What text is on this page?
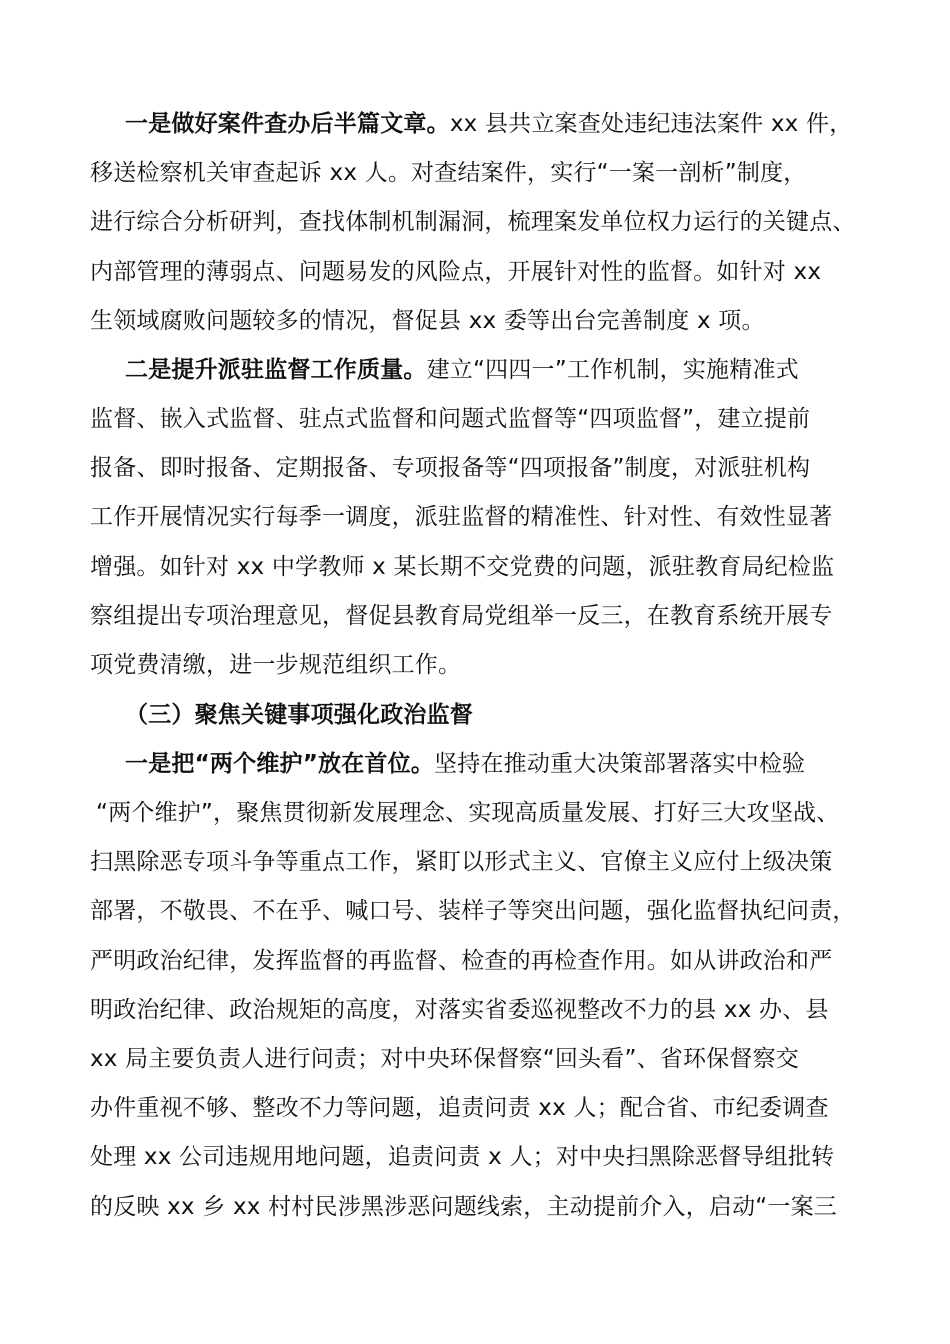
一是做好案件查办后半篇文章。xx 县共立案查处违纪违法案件 xx 件，
移送检察机关审查起诉 xx 人。对查结案件，实行“一案一剖析”制度，
进行综合分析研判，查找体制机制漏洞，梳理案发单位权力运行的关键点、
内部管理的薄弱点、问题易发的风险点，开展针对性的监督。如针对 xx
生领域腐败问题较多的情况，督促县 xx 委等出台完善制度 x 项。
二是提升派驻监督工作质量。建立“四四一”工作机制，实施精准式
监督、嵌入式监督、驻点式监督和问题式监督等“四项监督”，建立提前
报备、即时报备、定期报备、专项报备等“四项报备”制度，对派驻机构
工作开展情况实行每季一调度，派驻监督的精准性、针对性、有效性显著
增强。如针对 xx 中学教师 x 某长期不交党费的问题，派驻教育局纪检监
察组提出专项治理意见，督促县教育局党组举一反三，在教育系统开展专
项党费清缴，进一步规范组织工作。
（三）聚焦关键事项强化政治监督
一是把“两个维护”放在首位。坚持在推动重大决策部署落实中检验
“两个维护”，聚焦贯彻新发展理念、实现高质量发展、打好三大攻坚战、
扫黑除恶专项斗争等重点工作，紧盯以形式主义、官僚主义应付上级决策
部署，不敬畏、不在乎、喊口号、装样子等突出问题，强化监督执纪问责，
严明政治纪律，发挥监督的再监督、检查的再检查作用。如从讲政治和严
明政治纪律、政治规矩的高度，对落实省委巡视整改不力的县 xx 办、县
xx 局主要负责人进行问责；对中央环保督察“回头看”、省环保督察交
办件重视不够、整改不力等问题，追责问责 xx 人；配合省、市纪委调查
处理 xx 公司违规用地问题，追责问责 x 人；对中央扫黑除恶督导组批转
的反映 xx 乡 xx 村村民涉黑涉恶问题线索，主动提前介入，启动“一案三
